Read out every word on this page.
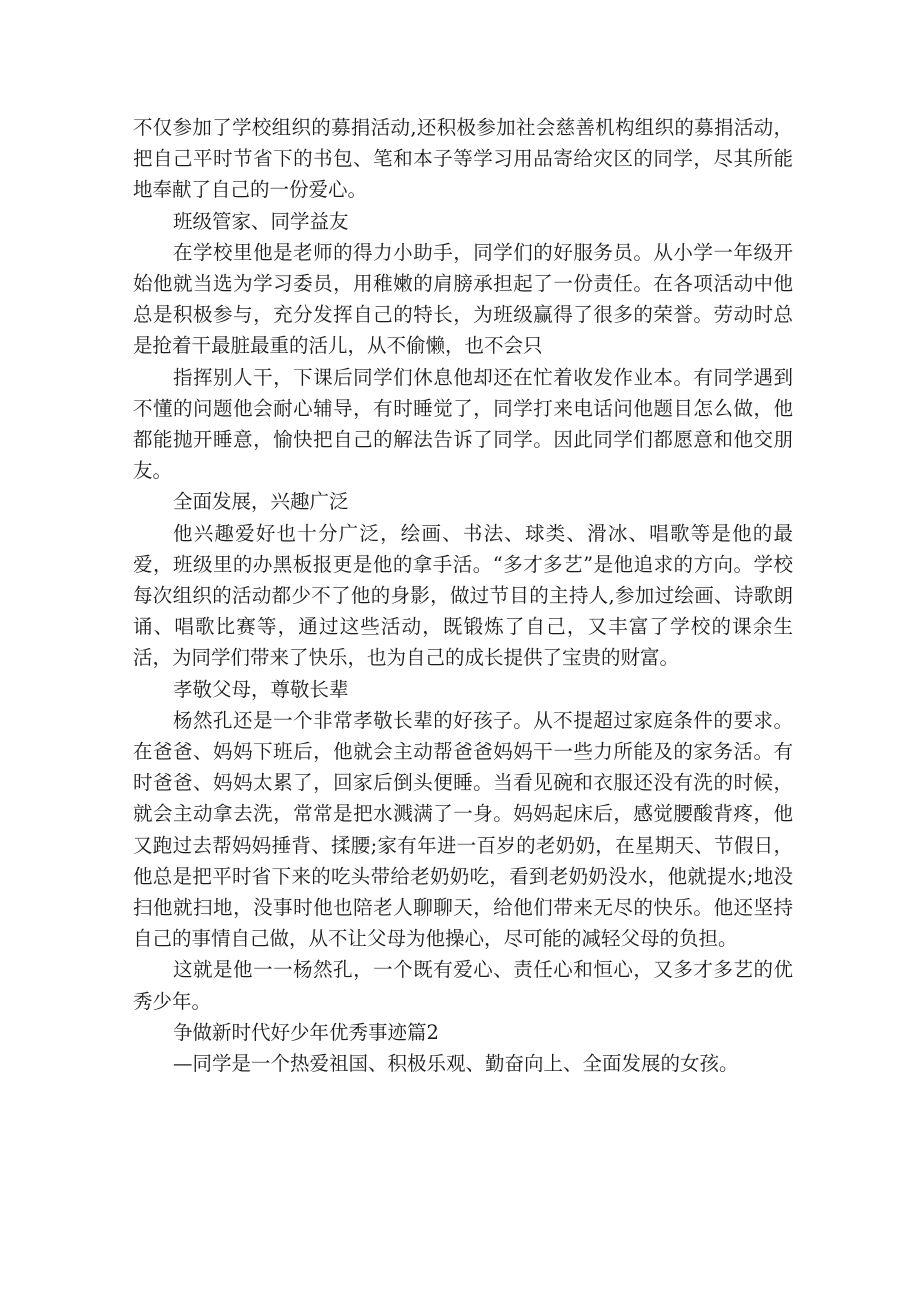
不仅参加了学校组织的募捐活动,还积极参加社会慈善机构组织的募捐活动，把自己平时节省下的书包、笔和本子等学习用品寄给灾区的同学，尽其所能地奉献了自己的一份爱心。

班级管家、同学益友

在学校里他是老师的得力小助手，同学们的好服务员。从小学一年级开始他就当选为学习委员，用稚嫩的肩膀承担起了一份责任。在各项活动中他总是积极参与，充分发挥自己的特长，为班级赢得了很多的荣誉。劳动时总是抢着干最脏最重的活儿，从不偷懒，也不会只

指挥别人干，下课后同学们休息他却还在忙着收发作业本。有同学遇到不懂的问题他会耐心辅导，有时睡觉了，同学打来电话问他题目怎么做，他都能抛开睡意，愉快把自己的解法告诉了同学。因此同学们都愿意和他交朋友。

全面发展，兴趣广泛

他兴趣爱好也十分广泛，绘画、书法、球类、滑冰、唱歌等是他的最爱，班级里的办黑板报更是他的拿手活。“多才多艺”是他追求的方向。学校每次组织的活动都少不了他的身影，做过节目的主持人,参加过绘画、诗歌朗诵、唱歌比赛等，通过这些活动，既锻炼了自己，又丰富了学校的课余生活，为同学们带来了快乐，也为自己的成长提供了宝贵的财富。

孝敬父母，尊敬长辈

杨然孔还是一个非常孝敬长辈的好孩子。从不提超过家庭条件的要求。在爸爸、妈妈下班后，他就会主动帮爸爸妈妈干一些力所能及的家务活。有时爸爸、妈妈太累了，回家后倒头便睡。当看见碗和衣服还没有洗的时候，就会主动拿去洗，常常是把水溅满了一身。妈妈起床后，感觉腰酸背疼，他又跑过去帮妈妈捶背、揉腰;家有年进一百岁的老奶奶，在星期天、节假日，他总是把平时省下来的吃头带给老奶奶吃，看到老奶奶没水，他就提水;地没扫他就扫地，没事时他也陪老人聊聊天，给他们带来无尽的快乐。他还坚持自己的事情自己做，从不让父母为他操心，尽可能的减轻父母的负担。

这就是他一一杨然孔，一个既有爱心、责任心和恒心，又多才多艺的优秀少年。

争做新时代好少年优秀事迹篇2

—同学是一个热爱祖国、积极乐观、勤奋向上、全面发展的女孩。
